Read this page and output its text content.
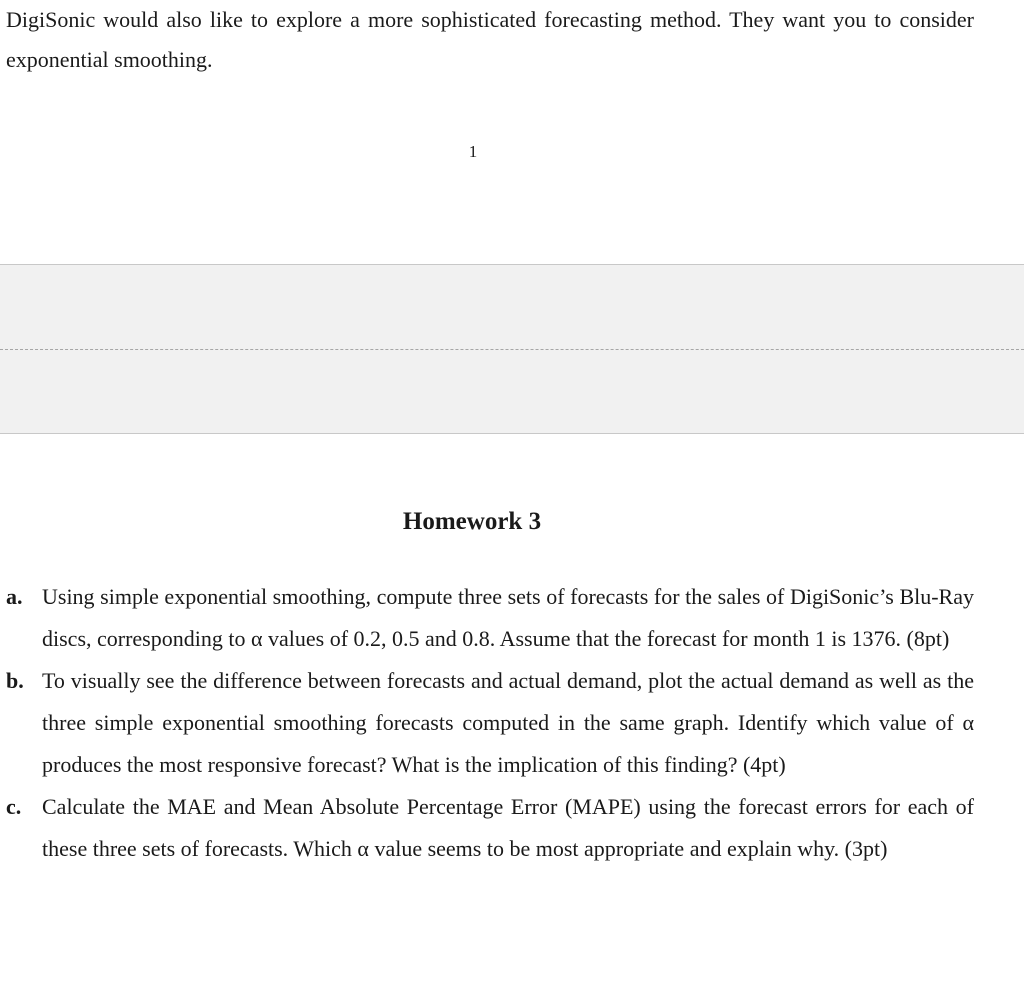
DigiSonic would also like to explore a more sophisticated forecasting method. They want you to consider exponential smoothing.

1

Homework 3
a. Using simple exponential smoothing, compute three sets of forecasts for the sales of DigiSonic’s Blu-Ray discs, corresponding to α values of 0.2, 0.5 and 0.8. Assume that the forecast for month 1 is 1376. (8pt)
b. To visually see the difference between forecasts and actual demand, plot the actual demand as well as the three simple exponential smoothing forecasts computed in the same graph. Identify which value of α produces the most responsive forecast? What is the implication of this finding? (4pt)
c. Calculate the MAE and Mean Absolute Percentage Error (MAPE) using the forecast errors for each of these three sets of forecasts. Which α value seems to be most appropriate and explain why. (3pt)
